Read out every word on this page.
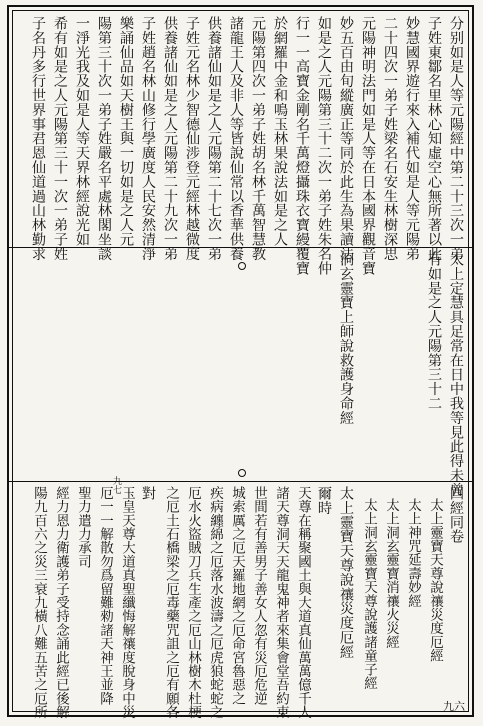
分别如是人等元陽經中第二十三次一弟
子姓東鄒名里林心知虛空心無所著以此
妙慧國界遊行來入補代如是人等元陽弟
二十四次一弟子姓梁名石安生林樹深思
元陽神明法門如是人等在日本國界觀音寶
妙五百由旬縱廣正等同於此生為果讀法
如是之人元陽第三十二次一弟子姓朱名仲
行一一高寶金剛名千萬燈攝珠衣寶縵覆寶
於網羅中金和鳴玉林果說法如是之人
元陽第四次一弟子姓胡名林千萬智慧教
諸龍王人及非人等皆說仙常以香華供養
供養諸仙如是之人元陽第二十七次一弟
子姓元名林少智德仙涉登元經林越微度
供養諸仙如是之人元陽第二十九次一弟
子姓趙名林山修行學廣度人民安然清淨
樂誦仙品如天樹王與一切如是之人元
陽第三十次一弟子姓嚴名平處林閣坐談
一淨光我及如是人等天界林經說光如
希有如是之人元陽第三十一次一弟子姓
子名丹多行世界事君恩仙道過山林勤求
太上定慧具足常在日中我等見此得未曾
有如是之人元陽第三十二
洞玄靈寶上師說救護身命經
四經同卷
太上靈寶天尊說禳災度厄經
太上神咒延壽妙經
太上洞玄靈寶消禳火災經
太上洞玄靈寶天尊說護諸童子經
太上靈寶天尊說禳災度厄經
爾時
天尊在稱聚國土與大道真仙萬萬億千人
諸天尊洞天天龍鬼神者來集會堂吾約東
世間若有善男子善女人忽有災厄危逆
城索厲之厄天羅地網之厄命宮魯惡之
疾病纏綿之厄落水波濤之厄虎狼蛇蛇之
厄水火盜賊刀兵生產之厄山林樹木杜梗
之厄土石橋梁之厄毒藥咒詛之厄有願各
對
玉皇天尊大道真聖纖悔解禳度脫身中災
厄一一解散勿爲留難勑諸天神王並降
聖力遣力承司
經力恩力衛護弟子受持念誦此經已後解
陽九百六之災三衰九橫八難五苦之厄所
九七
九六
